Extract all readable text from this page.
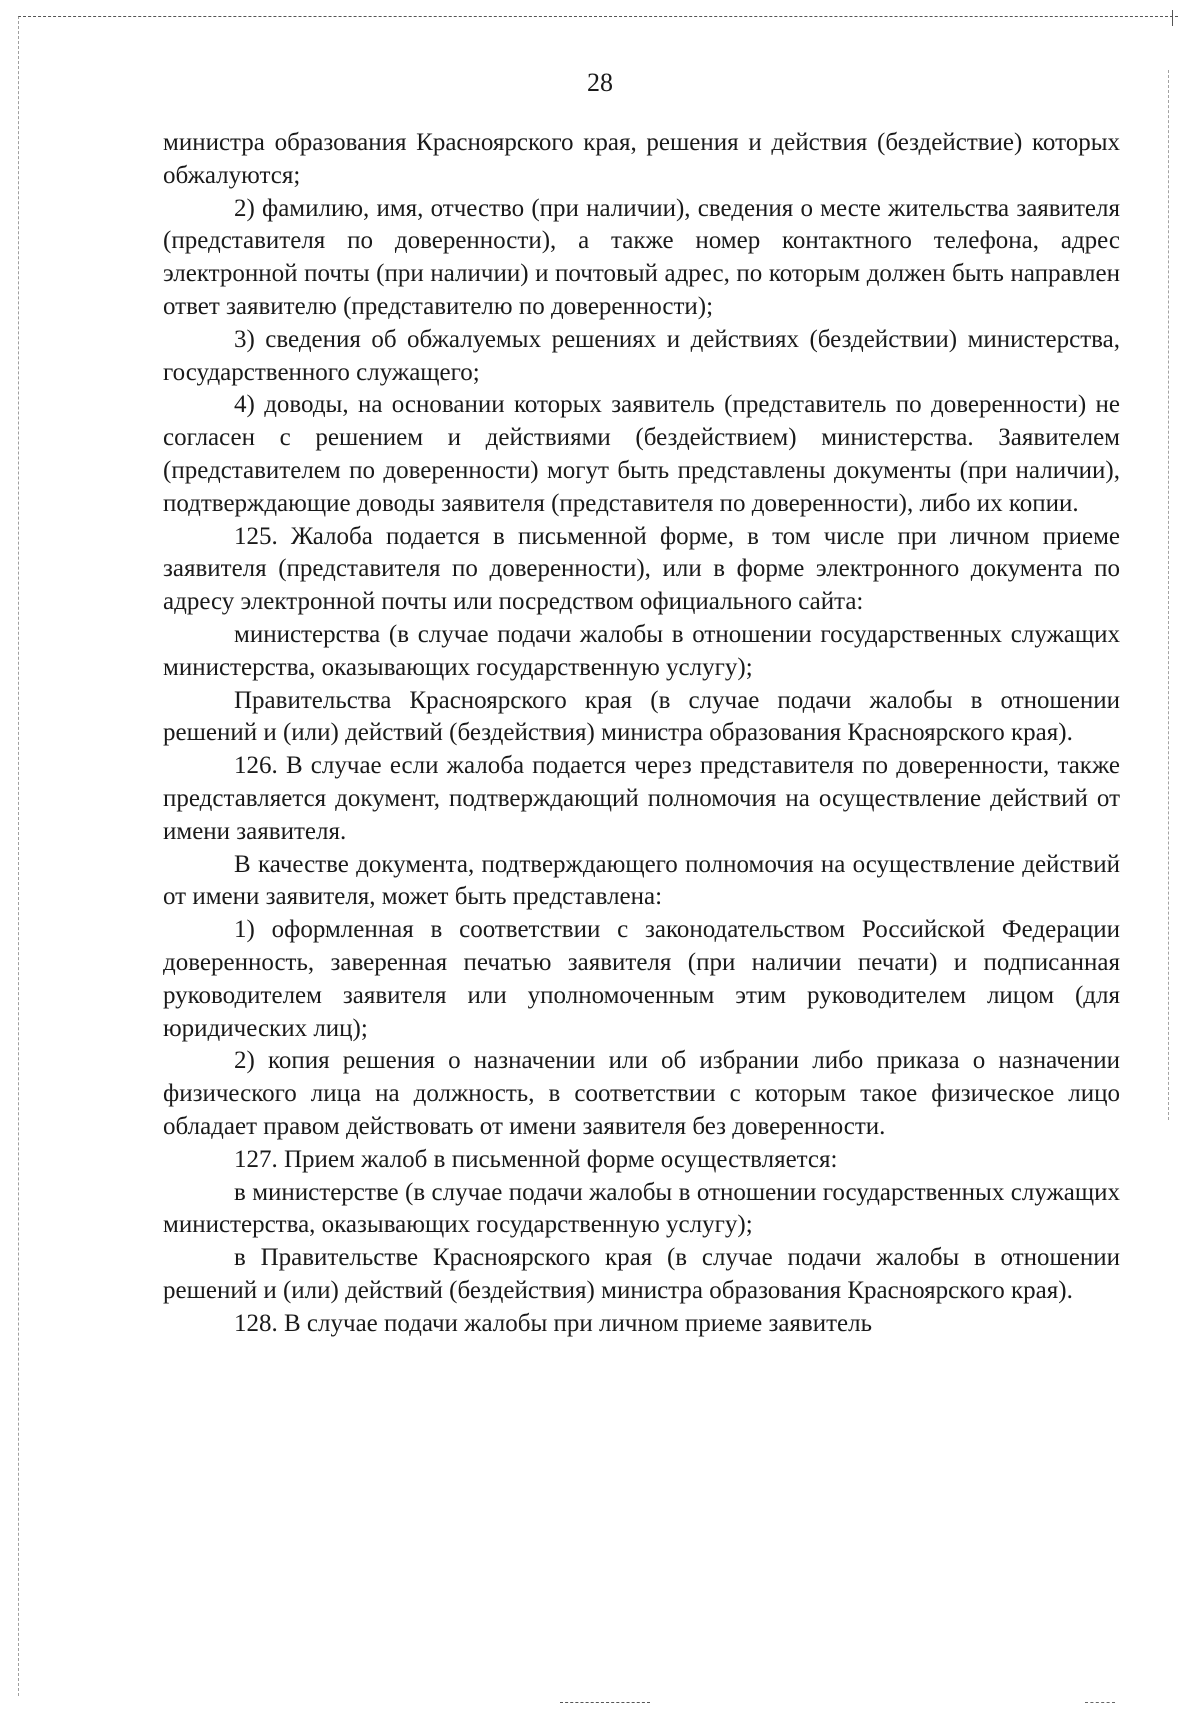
28

министра образования Красноярского края, решения и действия (бездействие) которых обжалуются;

2) фамилию, имя, отчество (при наличии), сведения о месте жительства заявителя (представителя по доверенности), а также номер контактного телефона, адрес электронной почты (при наличии) и почтовый адрес, по которым должен быть направлен ответ заявителю (представителю по доверенности);

3) сведения об обжалуемых решениях и действиях (бездействии) министерства, государственного служащего;

4) доводы, на основании которых заявитель (представитель по доверенности) не согласен с решением и действиями (бездействием) министерства. Заявителем (представителем по доверенности) могут быть представлены документы (при наличии), подтверждающие доводы заявителя (представителя по доверенности), либо их копии.

125. Жалоба подается в письменной форме, в том числе при личном приеме заявителя (представителя по доверенности), или в форме электронного документа по адресу электронной почты или посредством официального сайта:

министерства (в случае подачи жалобы в отношении государственных служащих министерства, оказывающих государственную услугу);

Правительства Красноярского края (в случае подачи жалобы в отношении решений и (или) действий (бездействия) министра образования Красноярского края).

126. В случае если жалоба подается через представителя по доверенности, также представляется документ, подтверждающий полномочия на осуществление действий от имени заявителя.

В качестве документа, подтверждающего полномочия на осуществление действий от имени заявителя, может быть представлена:

1) оформленная в соответствии с законодательством Российской Федерации доверенность, заверенная печатью заявителя (при наличии печати) и подписанная руководителем заявителя или уполномоченным этим руководителем лицом (для юридических лиц);

2) копия решения о назначении или об избрании либо приказа о назначении физического лица на должность, в соответствии с которым такое физическое лицо обладает правом действовать от имени заявителя без доверенности.

127. Прием жалоб в письменной форме осуществляется:

в министерстве (в случае подачи жалобы в отношении государственных служащих министерства, оказывающих государственную услугу);

в Правительстве Красноярского края (в случае подачи жалобы в отношении решений и (или) действий (бездействия) министра образования Красноярского края).

128. В случае подачи жалобы при личном приеме заявитель
